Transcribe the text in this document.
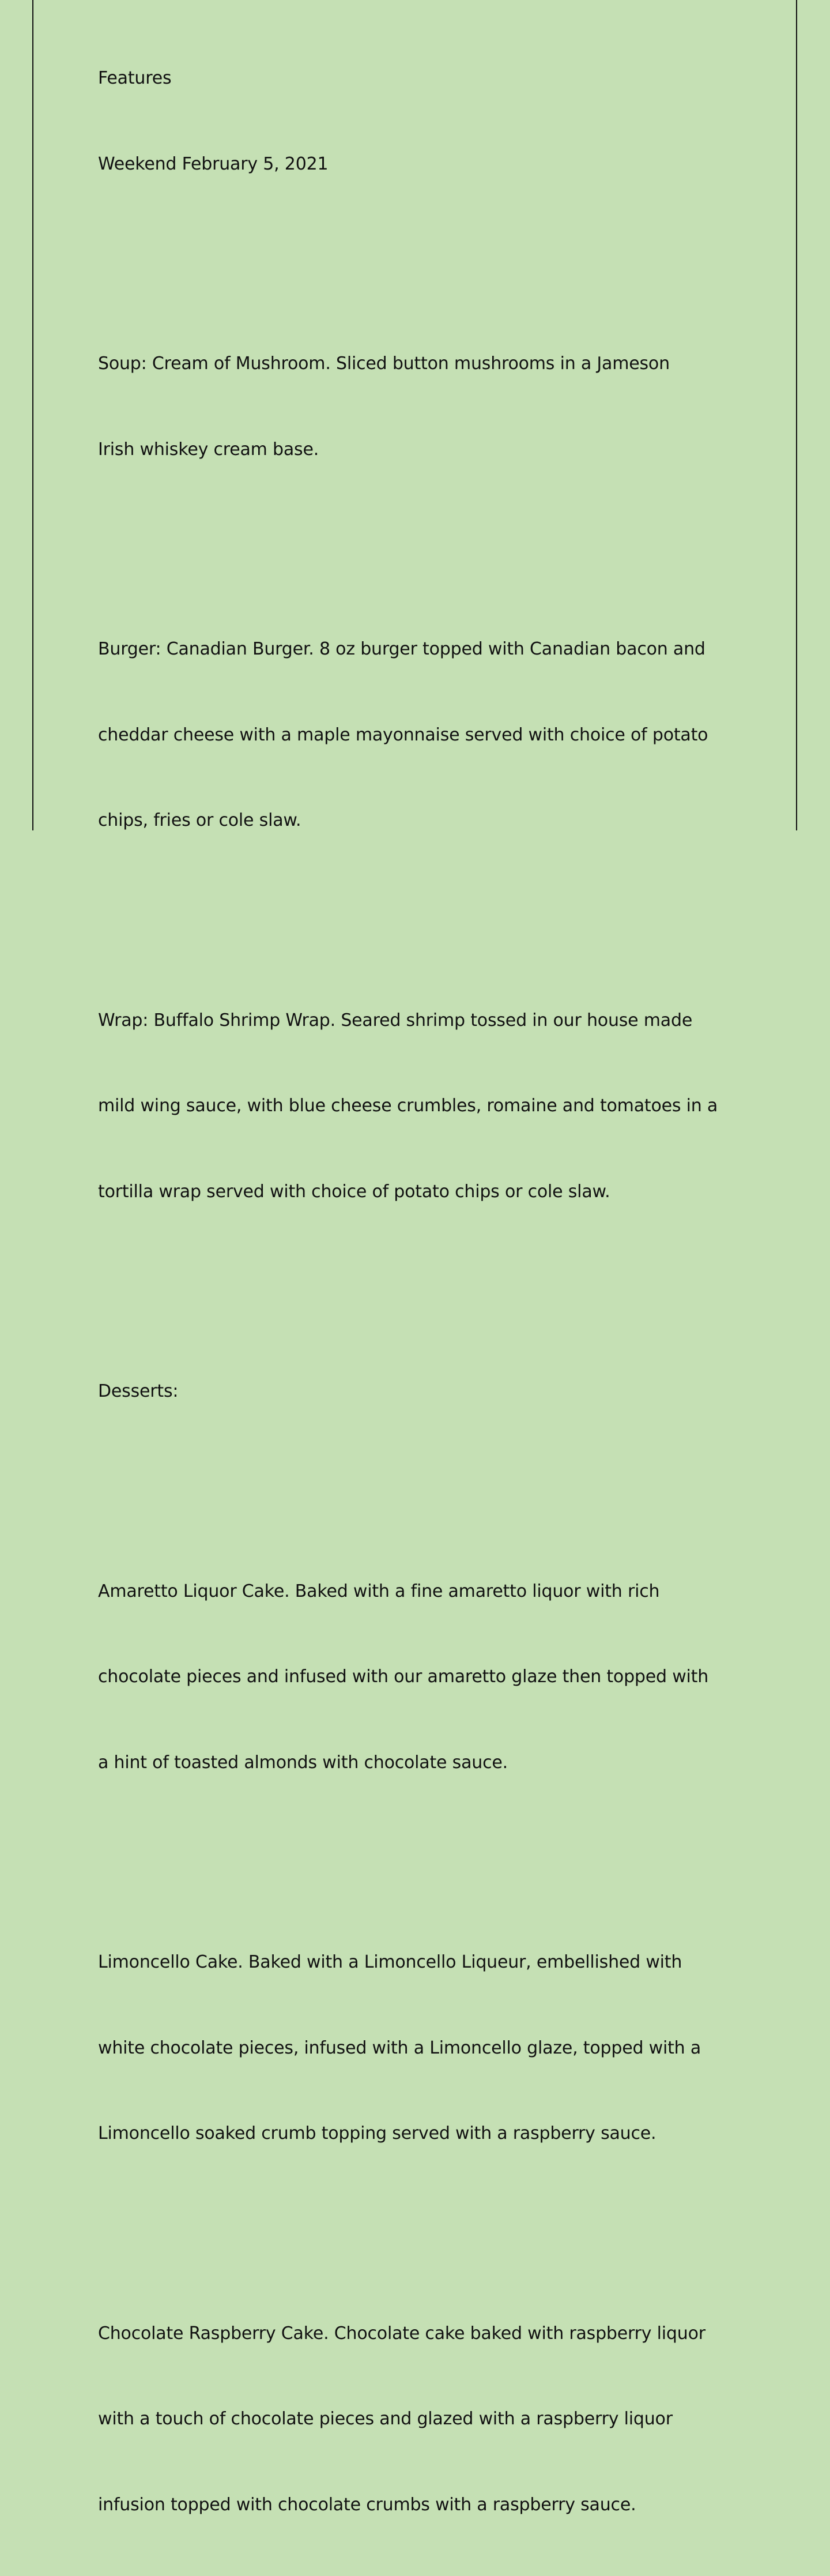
Features

Weekend February 5, 2021

Soup: Cream of Mushroom. Sliced button mushrooms in a Jameson

Irish whiskey cream base.

Burger: Canadian Burger. 8 oz burger topped with Canadian bacon and

cheddar cheese with a maple mayonnaise served with choice of potato

chips, fries or cole slaw.

Wrap: Buffalo Shrimp Wrap. Seared shrimp tossed in our house made

mild wing sauce, with blue cheese crumbles, romaine and tomatoes in a

tortilla wrap served with choice of potato chips or cole slaw.

Desserts:

Amaretto Liquor Cake. Baked with a fine amaretto liquor with rich

chocolate pieces and infused with our amaretto glaze then topped with

a hint of toasted almonds with chocolate sauce.

Limoncello Cake. Baked with a Limoncello Liqueur, embellished with

white chocolate pieces, infused with a Limoncello glaze, topped with a

Limoncello soaked crumb topping served with a raspberry sauce.

Chocolate Raspberry Cake. Chocolate cake baked with raspberry liquor

with a touch of chocolate pieces and glazed with a raspberry liquor

infusion topped with chocolate crumbs with a raspberry sauce.
